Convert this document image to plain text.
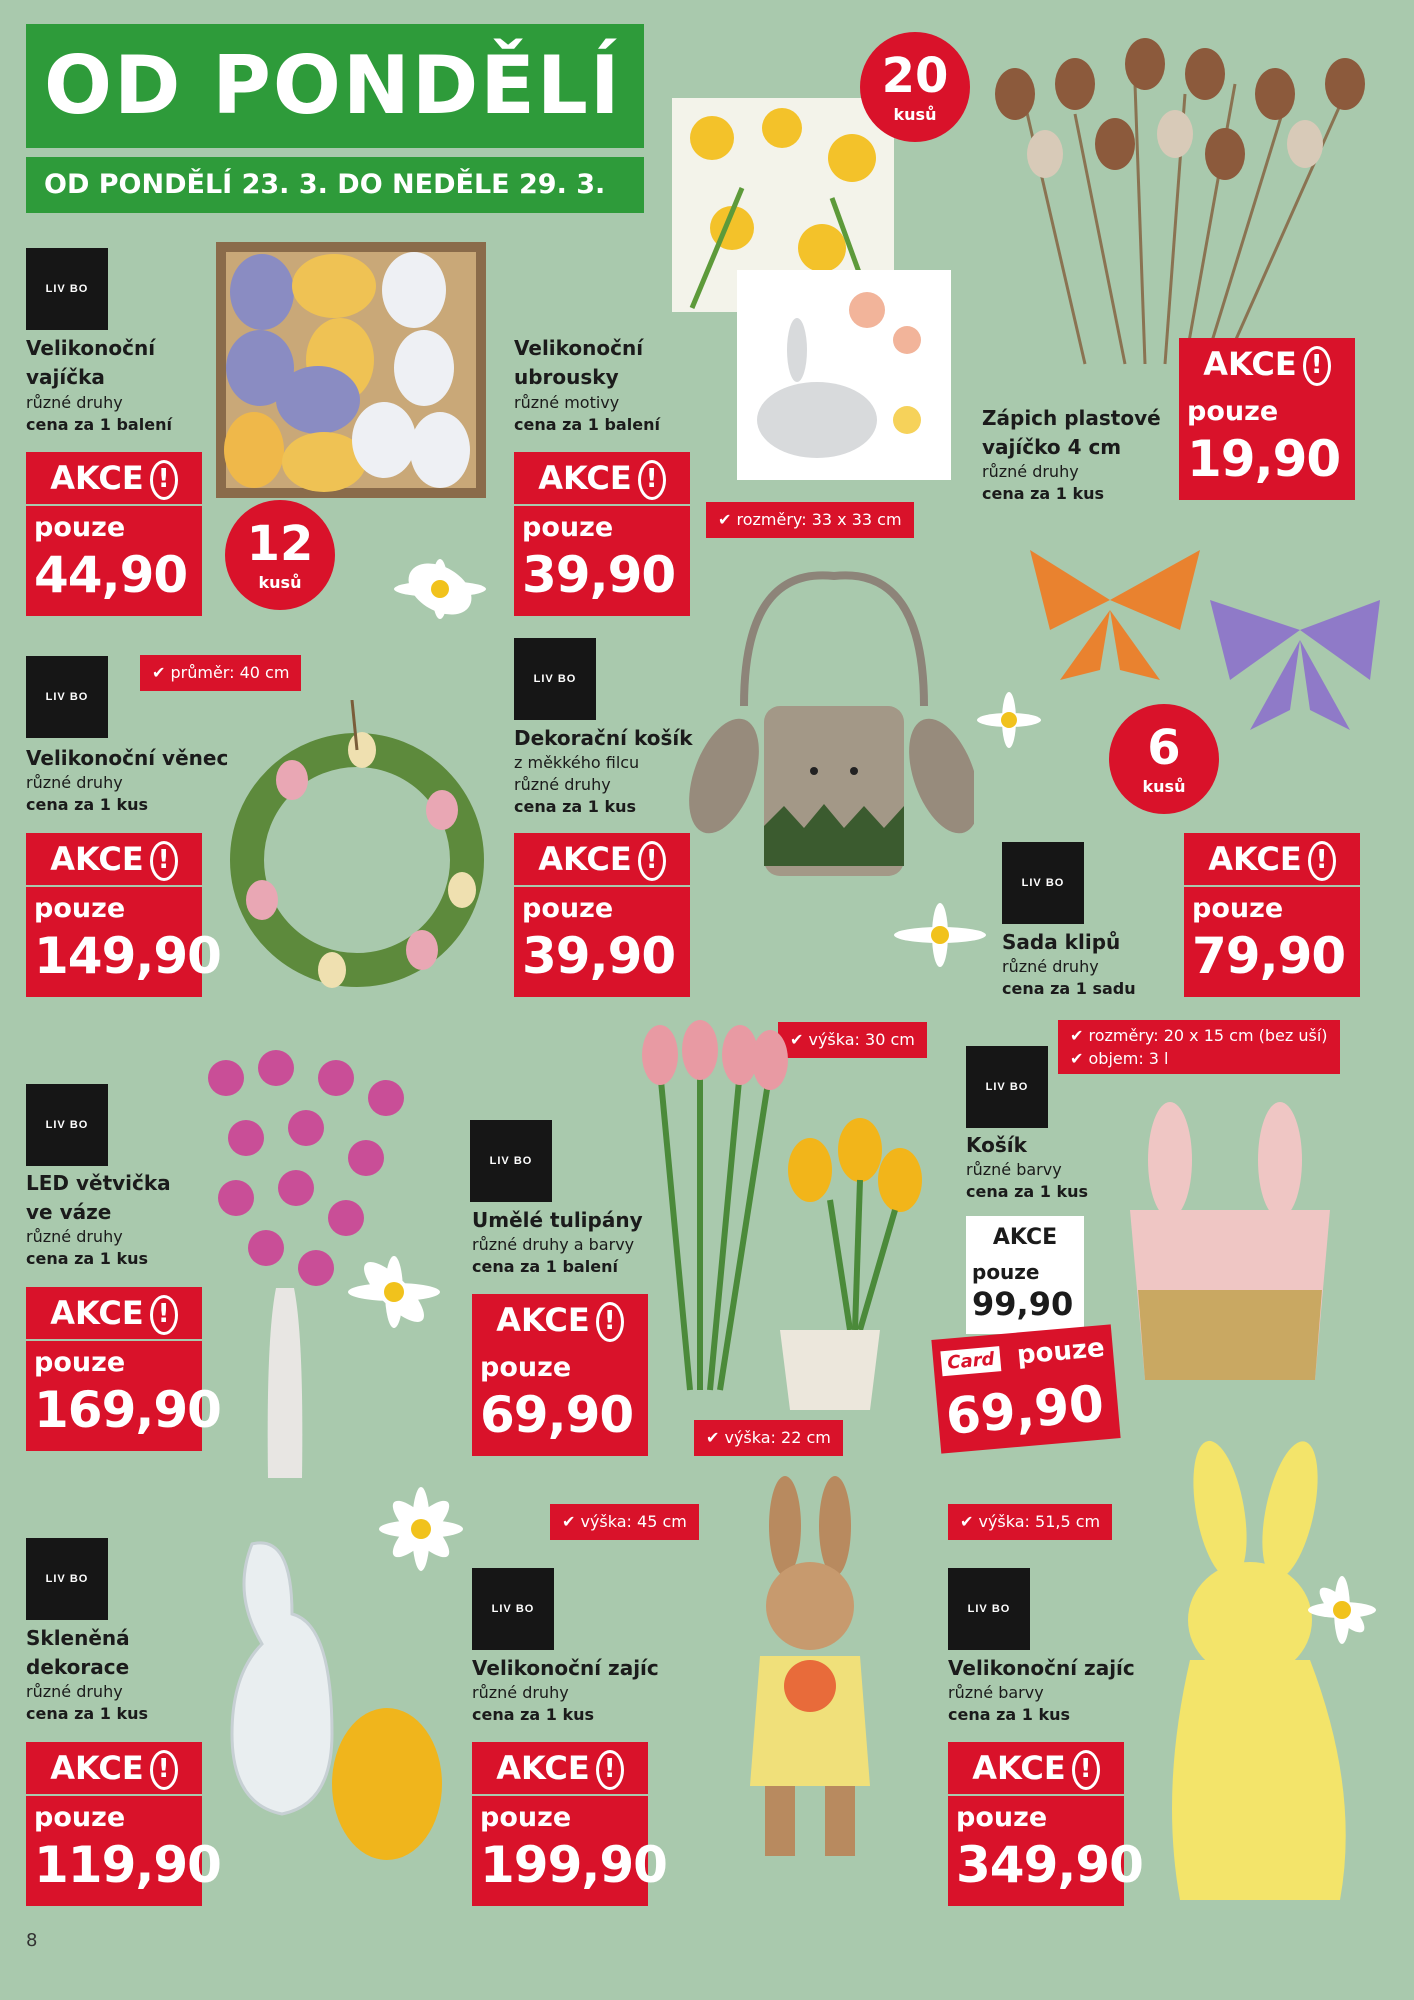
OD PONDĚLÍ
OD PONDĚLÍ 23. 3. DO NEDĚLE 29. 3.
LIV BO
Velikonoční
vajíčka
různé druhy
cena za 1 balení
AKCE !
pouze
44,90
12
kusů
Velikonoční
ubrousky
různé motivy
cena za 1 balení
AKCE !
pouze
39,90
20
kusů
✔ rozměry: 33 x 33 cm
Zápich plastové
vajíčko 4 cm
různé druhy
cena za 1 kus
AKCE !
pouze
19,90
✔ průměr: 40 cm
LIV BO
Velikonoční věnec
různé druhy
cena za 1 kus
AKCE !
pouze
149,90
LIV BO
Dekorační košík
z měkkého filcu
různé druhy
cena za 1 kus
AKCE !
pouze
39,90
6
kusů
LIV BO
Sada klipů
různé druhy
cena za 1 sadu
AKCE !
pouze
79,90
LIV BO
LED větvička
ve váze
různé druhy
cena za 1 kus
AKCE !
pouze
169,90
LIV BO
Umělé tulipány
různé druhy a barvy
cena za 1 balení
AKCE !
pouze
69,90
✔ výška: 30 cm
✔ výška: 22 cm
✔ rozměry: 20 x 15 cm (bez uší)
✔ objem: 3 l
LIV BO
Košík
různé barvy
cena za 1 kus
AKCE
pouze
99,90
Card pouze
69,90
LIV BO
Skleněná
dekorace
různé druhy
cena za 1 kus
AKCE !
pouze
119,90
✔ výška: 45 cm
LIV BO
Velikonoční zajíc
různé druhy
cena za 1 kus
AKCE !
pouze
199,90
✔ výška: 51,5 cm
LIV BO
Velikonoční zajíc
různé barvy
cena za 1 kus
AKCE !
pouze
349,90
8
